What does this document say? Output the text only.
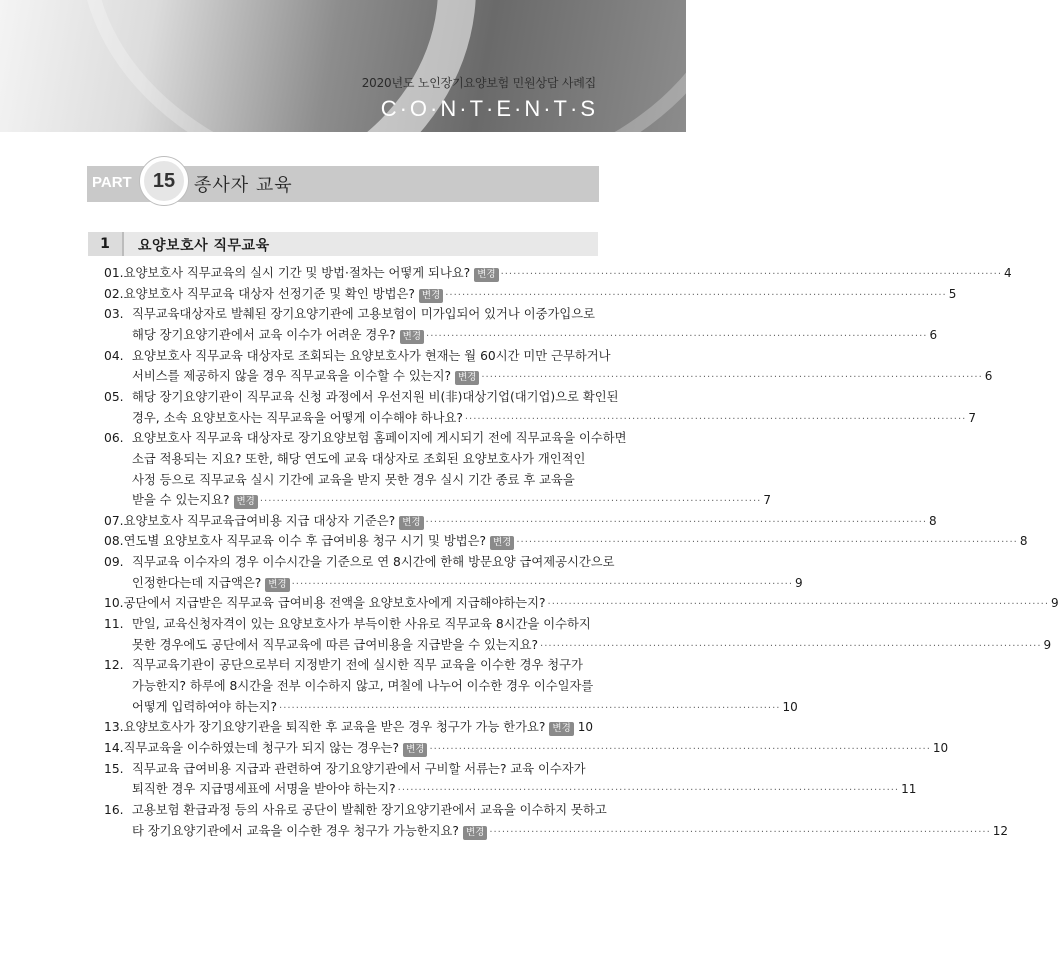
2020년도 노인장기요양보험 민원상담 사례집
C·O·N·T·E·N·T·S
PART	15	종사자 교육
1	요양보호사 직무교육
01. 요양보호사 직무교육의 실시 기간 및 방법·절차는 어떻게 되나요? 변경 ························································································································ 4
02. 요양보호사 직무교육 대상자 선정기준 및 확인 방법은? 변경 ························································································································ 5
03. 직무교육대상자로 발췌된 장기요양기관에 고용보험이 미가입되어 있거나 이중가입으로
해당 장기요양기관에서 교육 이수가 어려운 경우? 변경 ························································································································ 6
04. 요양보호사 직무교육 대상자로 조회되는 요양보호사가 현재는 월 60시간 미만 근무하거나
서비스를 제공하지 않을 경우 직무교육을 이수할 수 있는지? 변경 ························································································································ 6
05. 해당 장기요양기관이 직무교육 신청 과정에서 우선지원 비(非)대상기업(대기업)으로 확인된
경우, 소속 요양보호사는 직무교육을 어떻게 이수해야 하나요? ························································································································ 7
06. 요양보호사 직무교육 대상자로 장기요양보험 홈페이지에 게시되기 전에 직무교육을 이수하면
소급 적용되는 지요? 또한, 해당 연도에 교육 대상자로 조회된 요양보호사가 개인적인
사정 등으로 직무교육 실시 기간에 교육을 받지 못한 경우 실시 기간 종료 후 교육을
받을 수 있는지요? 변경 ························································································································ 7
07. 요양보호사 직무교육급여비용 지급 대상자 기준은? 변경 ························································································································ 8
08. 연도별 요양보호사 직무교육 이수 후 급여비용 청구 시기 및 방법은? 변경 ························································································································ 8
09. 직무교육 이수자의 경우 이수시간을 기준으로 연 8시간에 한해 방문요양 급여제공시간으로
인정한다는데 지급액은? 변경 ························································································································ 9
10. 공단에서 지급받은 직무교육 급여비용 전액을 요양보호사에게 지급해야하는지? ························································································································ 9
11. 만일, 교육신청자격이 있는 요양보호사가 부득이한 사유로 직무교육 8시간을 이수하지
못한 경우에도 공단에서 직무교육에 따른 급여비용을 지급받을 수 있는지요? ························································································································ 9
12. 직무교육기관이 공단으로부터 지정받기 전에 실시한 직무 교육을 이수한 경우 청구가
가능한지? 하루에 8시간을 전부 이수하지 않고, 며칠에 나누어 이수한 경우 이수일자를
어떻게 입력하여야 하는지? ························································································································ 10
13. 요양보호사가 장기요양기관을 퇴직한 후 교육을 받은 경우 청구가 가능 한가요? 변경 10
14. 직무교육을 이수하였는데 청구가 되지 않는 경우는? 변경 ························································································································ 10
15. 직무교육 급여비용 지급과 관련하여 장기요양기관에서 구비할 서류는? 교육 이수자가
퇴직한 경우 지급명세표에 서명을 받아야 하는지? ························································································································ 11
16. 고용보험 환급과정 등의 사유로 공단이 발췌한 장기요양기관에서 교육을 이수하지 못하고
타 장기요양기관에서 교육을 이수한 경우 청구가 가능한지요? 변경 ························································································································ 12
